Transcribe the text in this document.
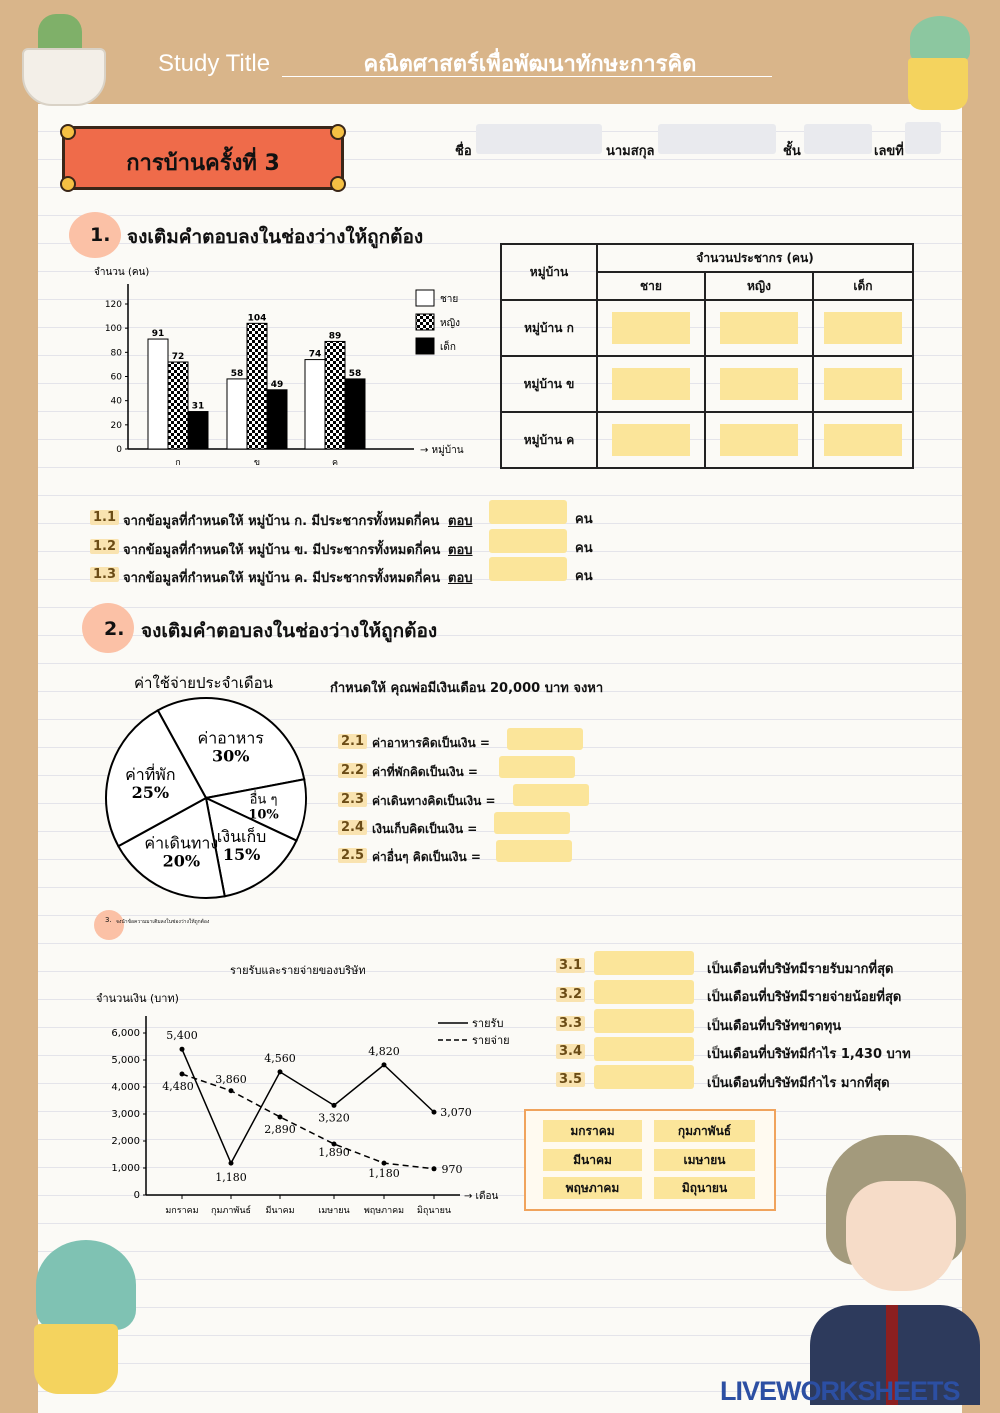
Study Title	คณิตศาสตร์เพื่อพัฒนาทักษะการคิด
การบ้านครั้งที่ 3	ชื่อ	นามสกุล	ชั้น	เลขที่
1. จงเติมคำตอบลงในช่องว่างให้ถูกต้อง
จำนวน (คน)
→ หมู่บ้าน
0
20
40
60
80
100
120
91
72
31
ก
58
104
49
ข
74
89
58
ค
ชาย
หญิง
เด็ก
หมู่บ้าน	จำนวนประชากร (คน)		
	ชาย	หญิง	เด็ก
หมู่บ้าน ก	

หมู่บ้าน ข	

หมู่บ้าน ค	

1.1 จากข้อมูลที่กำหนดให้ หมู่บ้าน ก. มีประชากรทั้งหมดกี่คน ตอบ	คน
1.2 จากข้อมูลที่กำหนดให้ หมู่บ้าน ข. มีประชากรทั้งหมดกี่คน ตอบ	คน
1.3 จากข้อมูลที่กำหนดให้ หมู่บ้าน ค. มีประชากรทั้งหมดกี่คน ตอบ	คน
2. จงเติมคำตอบลงในช่องว่างให้ถูกต้อง
ค่าใช้จ่ายประจำเดือน
ค่าอาหาร
30%
อื่น ๆ
10%
เงินเก็บ
15%
ค่าเดินทาง
20%
ค่าที่พัก
25%
กำหนดให้ คุณพ่อมีเงินเดือน 20,000 บาท จงหา
2.1 ค่าอาหารคิดเป็นเงิน =
2.2 ค่าที่พักคิดเป็นเงิน =
2.3 ค่าเดินทางคิดเป็นเงิน =
2.4 เงินเก็บคิดเป็นเงิน =
2.5 ค่าอื่นๆ คิดเป็นเงิน =
3. จงนำข้อความมาเติมลงในช่องว่างให้ถูกต้อง
รายรับและรายจ่ายของบริษัท
จำนวนเงิน (บาท)
→ เดือน
0
1,000
2,000
3,000
4,000
5,000
6,000
มกราคม กุมภาพันธ์ มีนาคม	เมษายน พฤษภาคม มิถุนายน
5,400
1,180
4,560
3,320
4,820
3,070
รายรับ
4,480
3,860
2,890
1,890
1,180	970
รายจ่าย
3.1	เป็นเดือนที่บริษัทมีรายรับมากที่สุด
3.2	เป็นเดือนที่บริษัทมีรายจ่ายน้อยที่สุด
3.3	เป็นเดือนที่บริษัทขาดทุน
3.4	เป็นเดือนที่บริษัทมีกำไร 1,430 บาท
3.5	เป็นเดือนที่บริษัทมีกำไร มากที่สุด
มกราคม	กุมภาพันธ์
มีนาคม	เมษายน
พฤษภาคม	มิถุนายน
LIVEWORKSHEETS
